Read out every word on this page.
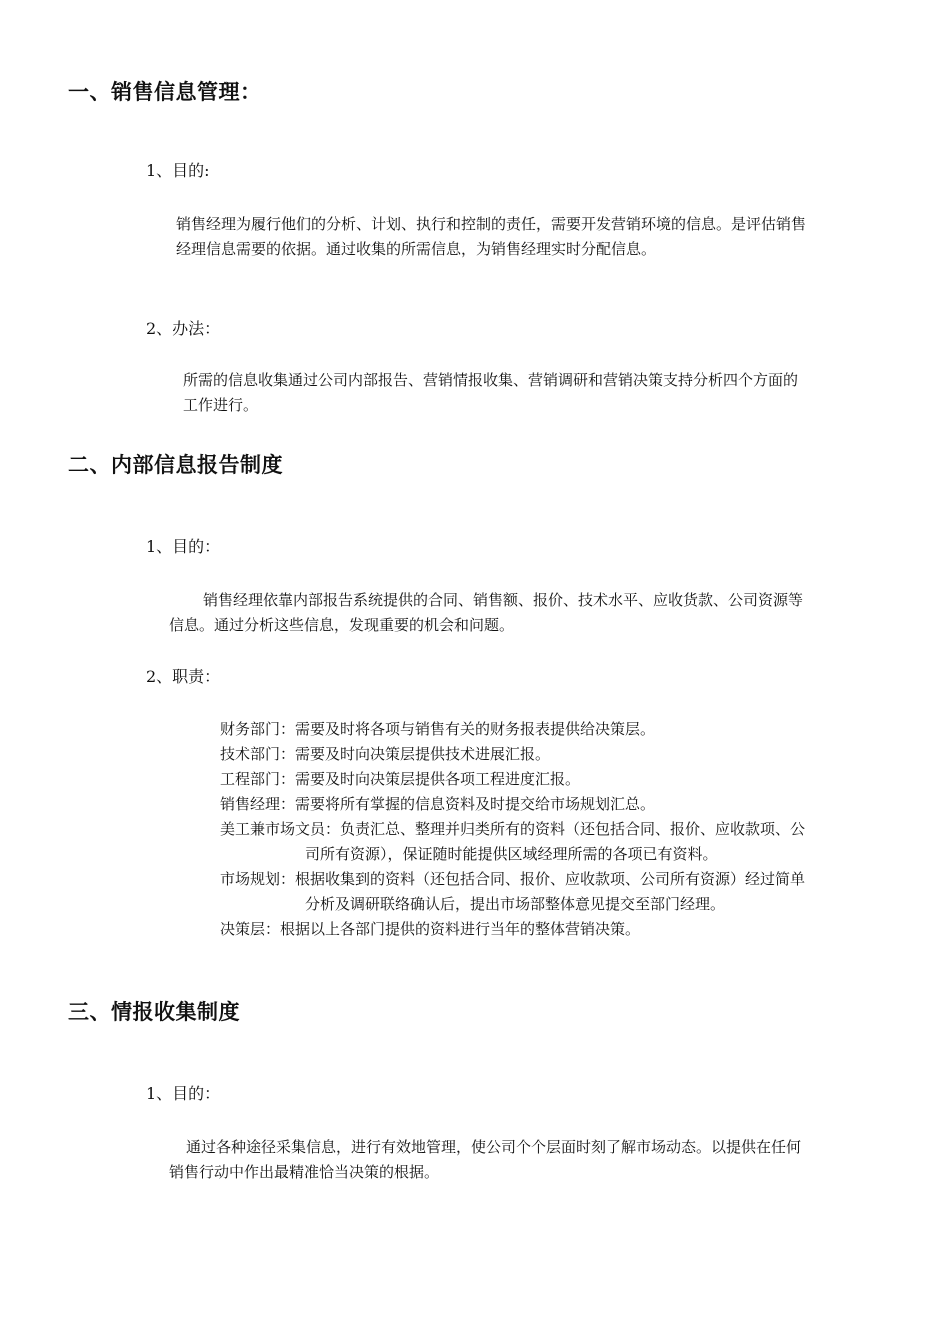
一、销售信息管理：
1、目的:
销售经理为履行他们的分析、计划、执行和控制的责任，需要开发营销环境的信息。是评估销售
经理信息需要的依据。通过收集的所需信息，为销售经理实时分配信息。
2、办法：
所需的信息收集通过公司内部报告、营销情报收集、营销调研和营销决策支持分析四个方面的
工作进行。
二、内部信息报告制度
1、目的：
销售经理依靠内部报告系统提供的合同、销售额、报价、技术水平、应收货款、公司资源等
信息。通过分析这些信息，发现重要的机会和问题。
2、职责：
财务部门：需要及时将各项与销售有关的财务报表提供给决策层。
技术部门：需要及时向决策层提供技术进展汇报。
工程部门：需要及时向决策层提供各项工程进度汇报。
销售经理：需要将所有掌握的信息资料及时提交给市场规划汇总。
美工兼市场文员：负责汇总、整理并归类所有的资料（还包括合同、报价、应收款项、公
司所有资源），保证随时能提供区域经理所需的各项已有资料。
市场规划：根据收集到的资料（还包括合同、报价、应收款项、公司所有资源）经过简单
分析及调研联络确认后，提出市场部整体意见提交至部门经理。
决策层：根据以上各部门提供的资料进行当年的整体营销决策。
三、情报收集制度
1、目的：
通过各种途径采集信息，进行有效地管理，使公司个个层面时刻了解市场动态。以提供在任何
销售行动中作出最精准恰当决策的根据。
